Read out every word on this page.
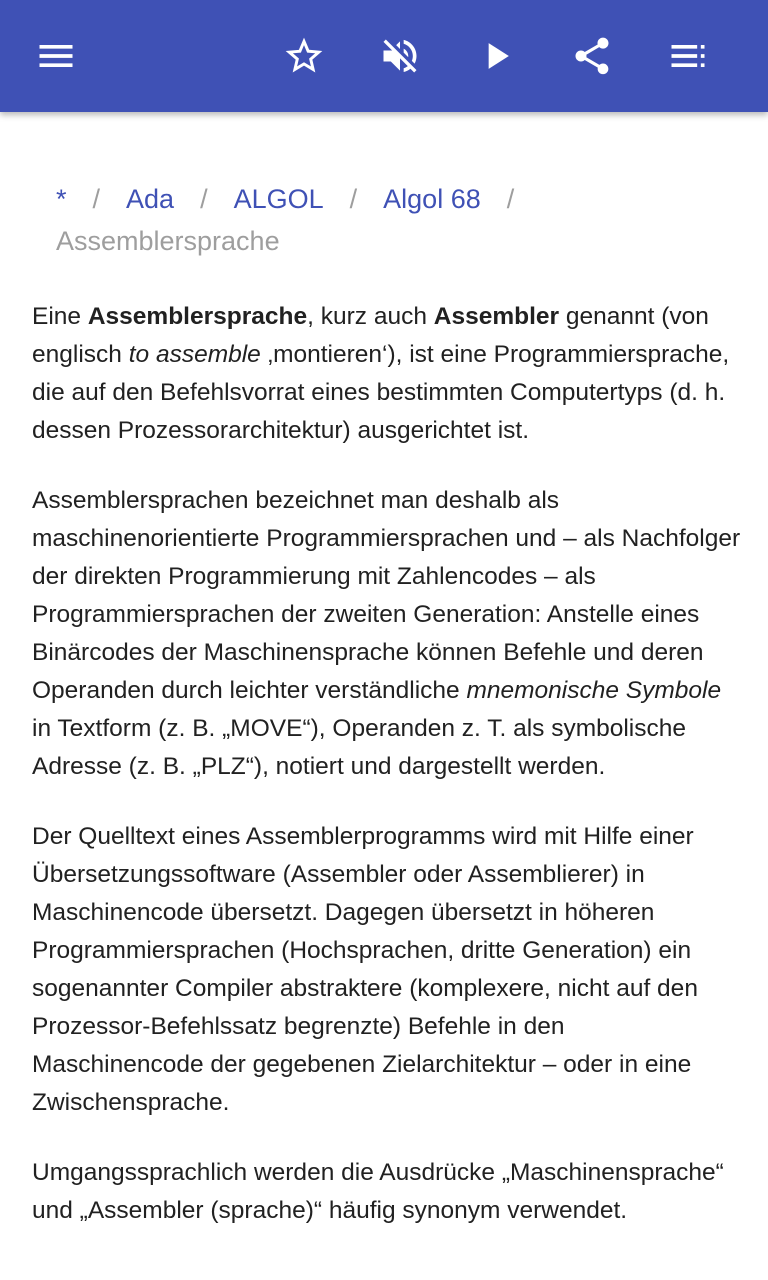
* / Ada / ALGOL / Algol 68 /
Assemblersprache

Eine Assemblersprache, kurz auch Assembler genannt (von englisch to assemble ‚montieren‘), ist eine Programmiersprache, die auf den Befehlsvorrat eines bestimmten Computertyps (d. h. dessen Prozessorarchitektur) ausgerichtet ist.

Assemblersprachen bezeichnet man deshalb als maschinenorientierte Programmiersprachen und – als Nachfolger der direkten Programmierung mit Zahlencodes – als Programmiersprachen der zweiten Generation: Anstelle eines Binärcodes der Maschinensprache können Befehle und deren Operanden durch leichter verständliche mnemonische Symbole in Textform (z. B. „MOVE“), Operanden z. T. als symbolische Adresse (z. B. „PLZ“), notiert und dargestellt werden.

Der Quelltext eines Assemblerprogramms wird mit Hilfe einer Übersetzungssoftware (Assembler oder Assemblierer) in Maschinencode übersetzt. Dagegen übersetzt in höheren Programmiersprachen (Hochsprachen, dritte Generation) ein sogenannter Compiler abstraktere (komplexere, nicht auf den Prozessor-Befehlssatz begrenzte) Befehle in den Maschinencode der gegebenen Zielarchitektur – oder in eine Zwischensprache.

Umgangssprachlich werden die Ausdrücke „Maschinensprache“ und „Assembler (sprache)“ häufig synonym verwendet.
